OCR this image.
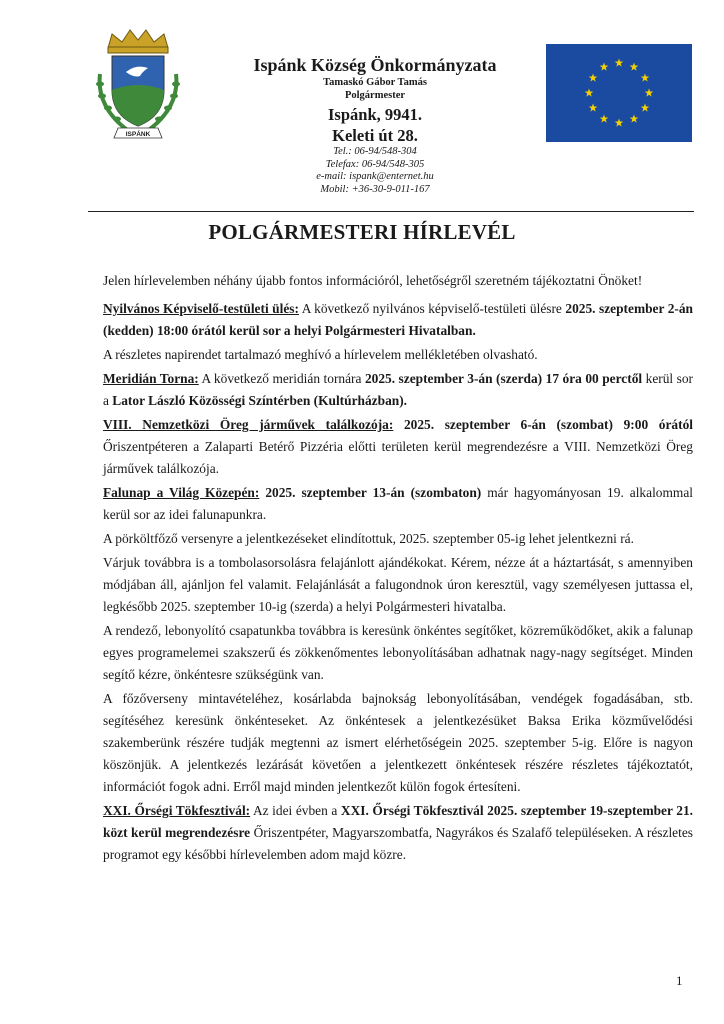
ISPÁNK
Ispánk Község Önkormányzata
Tamaskó Gábor Tamás
Polgármester
Ispánk, 9941.
Keleti út 28.
Tel.: 06-94/548-304
Telefax: 06-94/548-305
e-mail: ispank@enternet.hu
Mobil: +36-30-9-011-167
POLGÁRMESTERI HÍRLEVÉL

Jelen hírlevelemben néhány újabb fontos információról, lehetőségről szeretném tájékoztatni Önöket!

Nyilvános Képviselő-testületi ülés: A következő nyilvános képviselő-testületi ülésre 2025. szeptember 2-án (kedden) 18:00 órától kerül sor a helyi Polgármesteri Hivatalban.

A részletes napirendet tartalmazó meghívó a hírlevelem mellékletében olvasható.

Meridián Torna: A következő meridián tornára 2025. szeptember 3-án (szerda) 17 óra 00 perctől kerül sor a Lator László Közösségi Színtérben (Kultúrházban).

VIII. Nemzetközi Öreg járművek találkozója: 2025. szeptember 6-án (szombat) 9:00 órától Őriszentpéteren a Zalaparti Betérő Pizzéria előtti területen kerül megrendezésre a VIII. Nemzetközi Öreg járművek találkozója.

Falunap a Világ Közepén: 2025. szeptember 13-án (szombaton) már hagyományosan 19. alkalommal kerül sor az idei falunapunkra.

A pörköltfőző versenyre a jelentkezéseket elindítottuk, 2025. szeptember 05-ig lehet jelentkezni rá.

Várjuk továbbra is a tombolasorsolásra felajánlott ajándékokat. Kérem, nézze át a háztartását, s amennyiben módjában áll, ajánljon fel valamit. Felajánlását a falugondnok úron keresztül, vagy személyesen juttassa el, legkésőbb 2025. szeptember 10-ig (szerda) a helyi Polgármesteri hivatalba.

A rendező, lebonyolító csapatunkba továbbra is keresünk önkéntes segítőket, közreműködőket, akik a falunap egyes programelemei szakszerű és zökkenőmentes lebonyolításában adhatnak nagy-nagy segítséget. Minden segítő kézre, önkéntesre szükségünk van.

A főzőverseny mintavételéhez, kosárlabda bajnokság lebonyolításában, vendégek fogadásában, stb. segítéséhez keresünk önkénteseket. Az önkéntesek a jelentkezésüket Baksa Erika közművelődési szakemberünk részére tudják megtenni az ismert elérhetőségein 2025. szeptember 5-ig. Előre is nagyon köszönjük. A jelentkezés lezárását követően a jelentkezett önkéntesek részére részletes tájékoztatót, információt fogok adni. Erről majd minden jelentkezőt külön fogok értesíteni.

XXI. Őrségi Tökfesztivál: Az idei évben a XXI. Őrségi Tökfesztivál 2025. szeptember 19-szeptember 21. közt kerül megrendezésre Őriszentpéter, Magyarszombatfa, Nagyrákos és Szalafő településeken. A részletes programot egy későbbi hírlevelemben adom majd közre.

1
